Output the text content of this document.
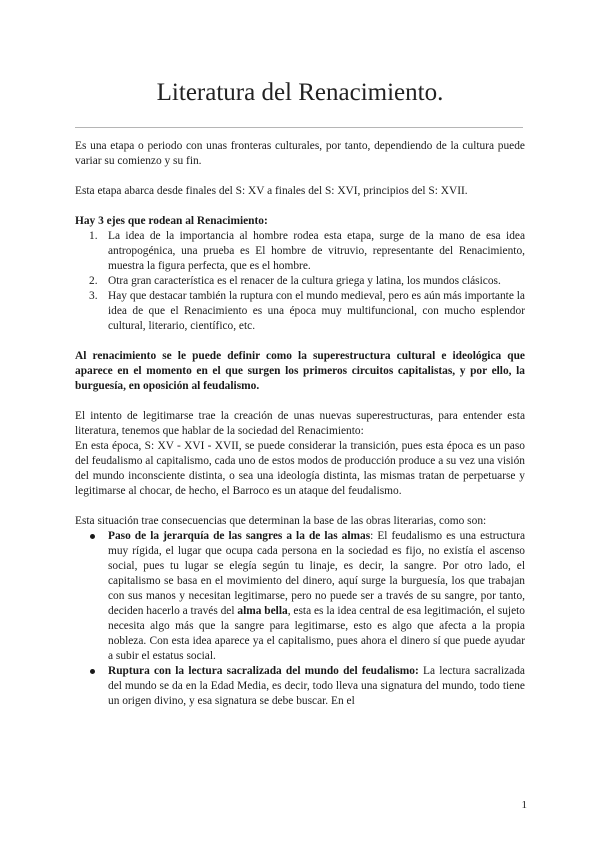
Literatura del Renacimiento.

Es una etapa o periodo con unas fronteras culturales, por tanto, dependiendo de la cultura puede variar su comienzo y su fin.

Esta etapa abarca desde finales del S: XV a finales del S: XVI, principios del S: XVII.

Hay 3 ejes que rodean al Renacimiento:

1. La idea de la importancia al hombre rodea esta etapa, surge de la mano de esa idea antropogénica, una prueba es El hombre de vitruvio, representante del Renacimiento, muestra la figura perfecta, que es el hombre.
2. Otra gran característica es el renacer de la cultura griega y latina, los mundos clásicos.
3. Hay que destacar también la ruptura con el mundo medieval, pero es aún más importante la idea de que el Renacimiento es una época muy multifuncional, con mucho esplendor cultural, literario, científico, etc.

Al renacimiento se le puede definir como la superestructura cultural e ideológica que aparece en el momento en el que surgen los primeros circuitos capitalistas, y por ello, la burguesía, en oposición al feudalismo.

El intento de legitimarse trae la creación de unas nuevas superestructuras, para entender esta literatura, tenemos que hablar de la sociedad del Renacimiento:

En esta época, S: XV - XVI - XVII, se puede considerar la transición, pues esta época es un paso del feudalismo al capitalismo, cada uno de estos modos de producción produce a su vez una visión del mundo inconsciente distinta, o sea una ideología distinta, las mismas tratan de perpetuarse y legitimarse al chocar, de hecho, el Barroco es un ataque del feudalismo.

Esta situación trae consecuencias que determinan la base de las obras literarias, como son:

Paso de la jerarquía de las sangres a la de las almas: El feudalismo es una estructura muy rígida, el lugar que ocupa cada persona en la sociedad es fijo, no existía el ascenso social, pues tu lugar se elegía según tu linaje, es decir, la sangre. Por otro lado, el capitalismo se basa en el movimiento del dinero, aquí surge la burguesía, los que trabajan con sus manos y necesitan legitimarse, pero no puede ser a través de su sangre, por tanto, deciden hacerlo a través del alma bella, esta es la idea central de esa legitimación, el sujeto necesita algo más que la sangre para legitimarse, esto es algo que afecta a la propia nobleza. Con esta idea aparece ya el capitalismo, pues ahora el dinero sí que puede ayudar a subir el estatus social.
Ruptura con la lectura sacralizada del mundo del feudalismo: La lectura sacralizada del mundo se da en la Edad Media, es decir, todo lleva una signatura del mundo, todo tiene un origen divino, y esa signatura se debe buscar. En el
1
